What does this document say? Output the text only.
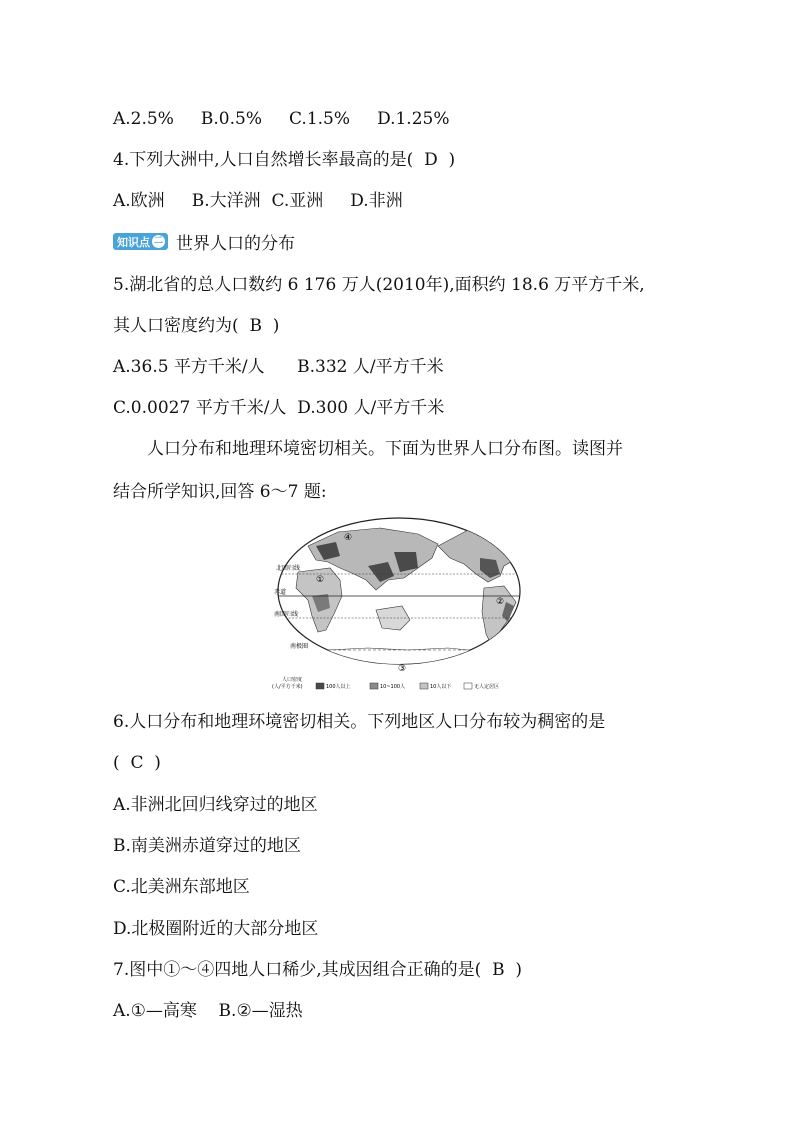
A.2.5% B.0.5% C.1.5% D.1.25%
4.下列大洲中,人口自然增长率最高的是( D )
A.欧洲 B.大洋洲 C.亚洲 D.非洲
知识点 二 世界人口的分布
5.湖北省的总人口数约 6 176 万人(2010年),面积约 18.6 万平方千米,
其人口密度约为( B )
A.36.5 平方千米/人 B.332 人/平方千米
C.0.0027 平方千米/人 D.300 人/平方千米
人口分布和地理环境密切相关。下面为世界人口分布图。读图并
结合所学知识,回答 6～7 题:
北回归线
赤道
南回归线
南极圈
①
②
③
④
人口密度
(人/平方千米)	100人以上	10~100人	10人以下	无人定居区
6.人口分布和地理环境密切相关。下列地区人口分布较为稠密的是
( C )
A.非洲北回归线穿过的地区
B.南美洲赤道穿过的地区
C.北美洲东部地区
D.北极圈附近的大部分地区
7.图中①～④四地人口稀少,其成因组合正确的是( B )
A.①—高寒 B.②—湿热
